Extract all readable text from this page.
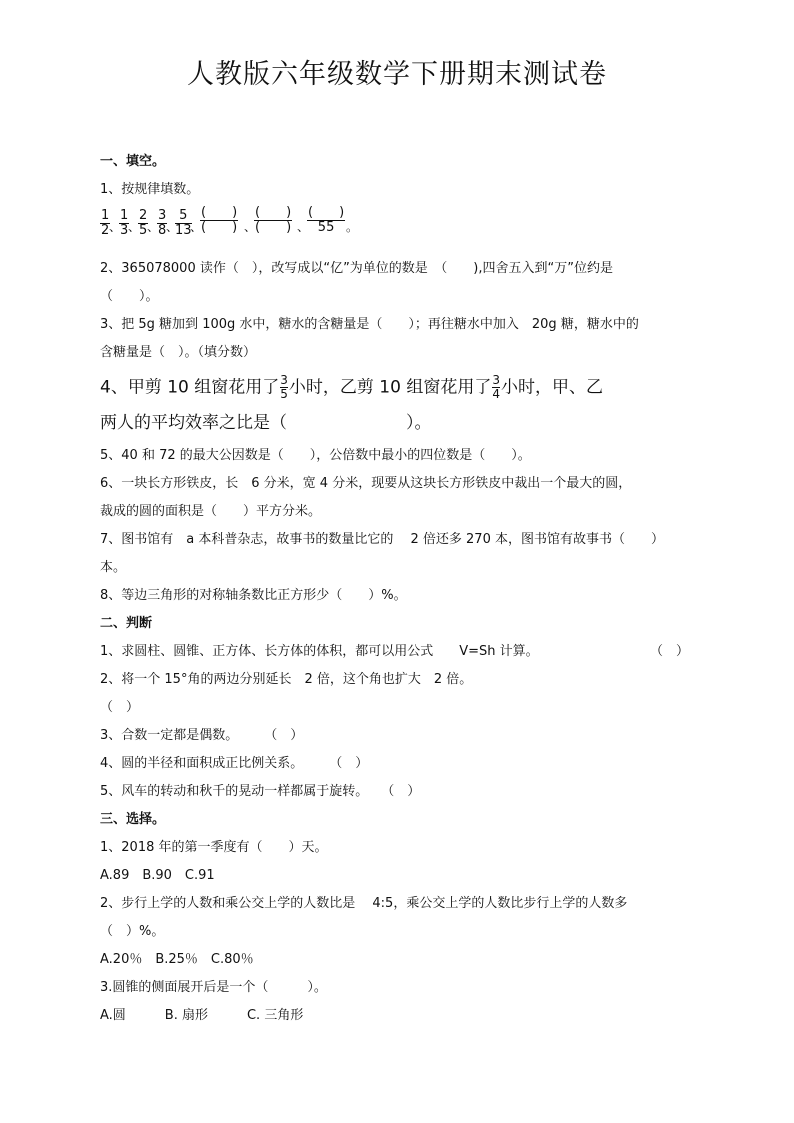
人教版六年级数学下册期末测试卷
一、填空。
1、按规律填数。
1
2 、
1
3 、
2
5 、
3
8 、
5
13
、
(　　)
(　　) 、
(　　)
(　　) 、
(　　)
55 。
2、365078000 读作（　），改写成以“亿”为单位的数是　（　　),四舍五入到“万”位约是
（　　）。
3、把 5g 糖加到 100g 水中，糖水的含糖量是（　　）；再往糖水中加入　20g 糖，糖水中的
含糖量是（　）。（填分数）
4、甲剪 10 组窗花用了 $\frac{3}{5}$ 小时，乙剪 10 组窗花用了 $\frac{3}{4}$ 小时，甲、乙
两人的平均效率之比是（　　　　　　　）。
5、40 和 72 的最大公因数是（　　），公倍数中最小的四位数是（　　）。
6、一块长方形铁皮，长　6 分米，宽 4 分米，现要从这块长方形铁皮中裁出一个最大的圆，
裁成的圆的面积是（　　）平方分米。
7、图书馆有　a 本科普杂志，故事书的数量比它的　 2 倍还多 270 本，图书馆有故事书（　　）
本。
8、等边三角形的对称轴条数比正方形少（　　）%。
二、判断
1、求圆柱、圆锥、正方体、长方体的体积，都可以用公式　　V=Sh 计算。	（　）
2、将一个 15°角的两边分别延长　2 倍，这个角也扩大　2 倍。
（　）
3、合数一定都是偶数。　　　（　）
4、圆的半径和面积成正比例关系。　　　（　）
5、风车的转动和秋千的晃动一样都属于旋转。　　（　）
三、选择。
1、2018 年的第一季度有（　　）天。
A.89　B.90　C.91
2、步行上学的人数和乘公交上学的人数比是　 4:5，乘公交上学的人数比步行上学的人数多
（　）%。
A.20％　B.25％　C.80％
3.圆锥的侧面展开后是一个（　　　）。
A.圆　　　B. 扇形　　　C. 三角形
